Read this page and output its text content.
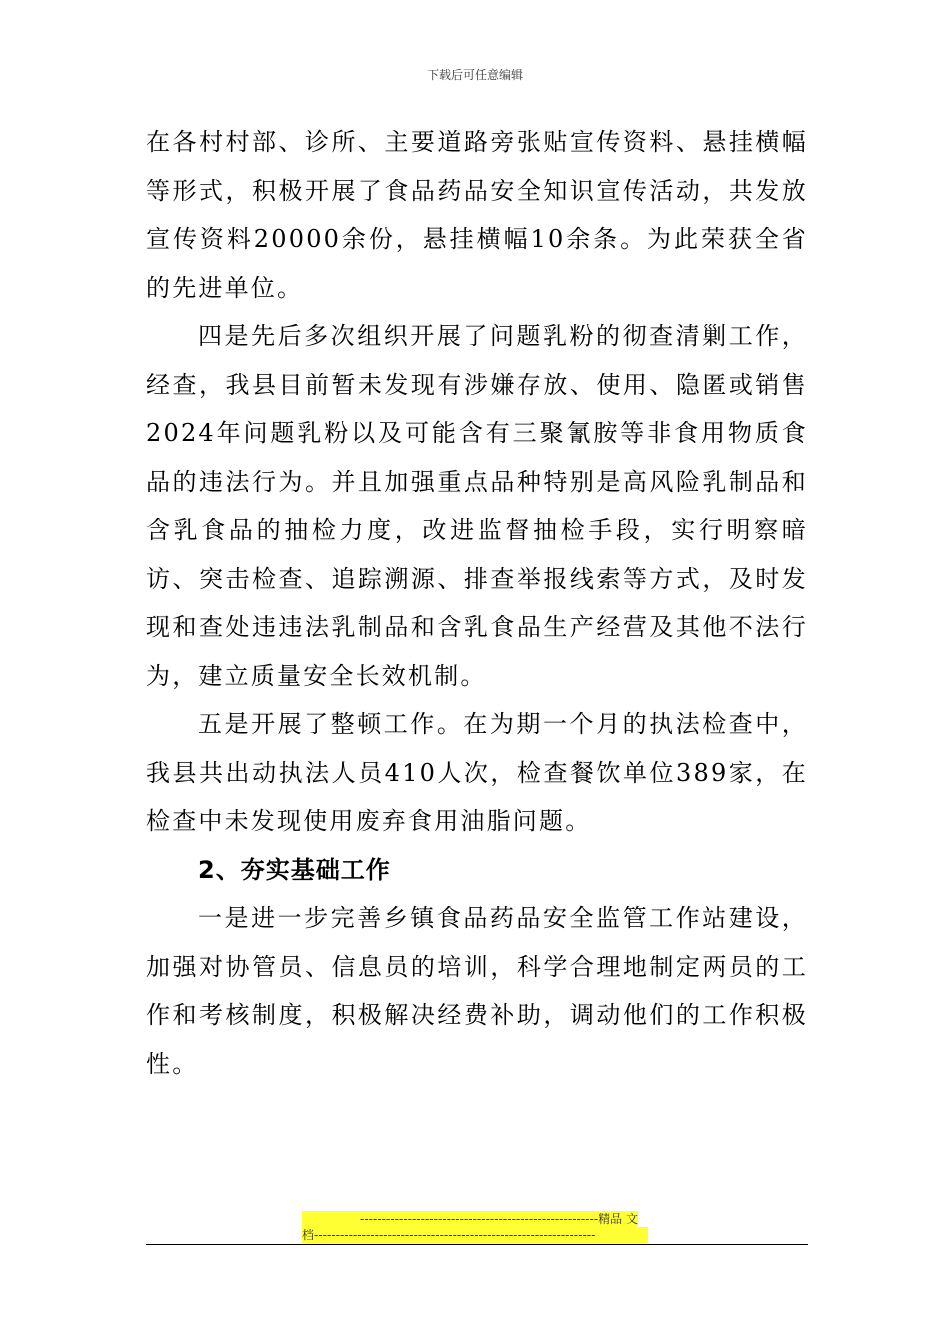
下载后可任意编辑

在各村村部、诊所、主要道路旁张贴宣传资料、悬挂横幅等形式，积极开展了食品药品安全知识宣传活动，共发放宣传资料20000余份，悬挂横幅10余条。为此荣获全省的先进单位。

四是先后多次组织开展了问题乳粉的彻查清剿工作，经查，我县目前暂未发现有涉嫌存放、使用、隐匿或销售2024年问题乳粉以及可能含有三聚氰胺等非食用物质食品的违法行为。并且加强重点品种特别是高风险乳制品和含乳食品的抽检力度，改进监督抽检手段，实行明察暗访、突击检查、追踪溯源、排查举报线索等方式，及时发现和查处违违法乳制品和含乳食品生产经营及其他不法行为，建立质量安全长效机制。

五是开展了整顿工作。在为期一个月的执法检查中，我县共出动执法人员410人次，检查餐饮单位389家，在检查中未发现使用废弃食用油脂问题。

2、夯实基础工作

一是进一步完善乡镇食品药品安全监管工作站建设，加强对协管员、信息员的培训，科学合理地制定两员的工作和考核制度，积极解决经费补助，调动他们的工作积极性。

-------------------------------------------------------精品 文
档-----------------------------------------------------------------
